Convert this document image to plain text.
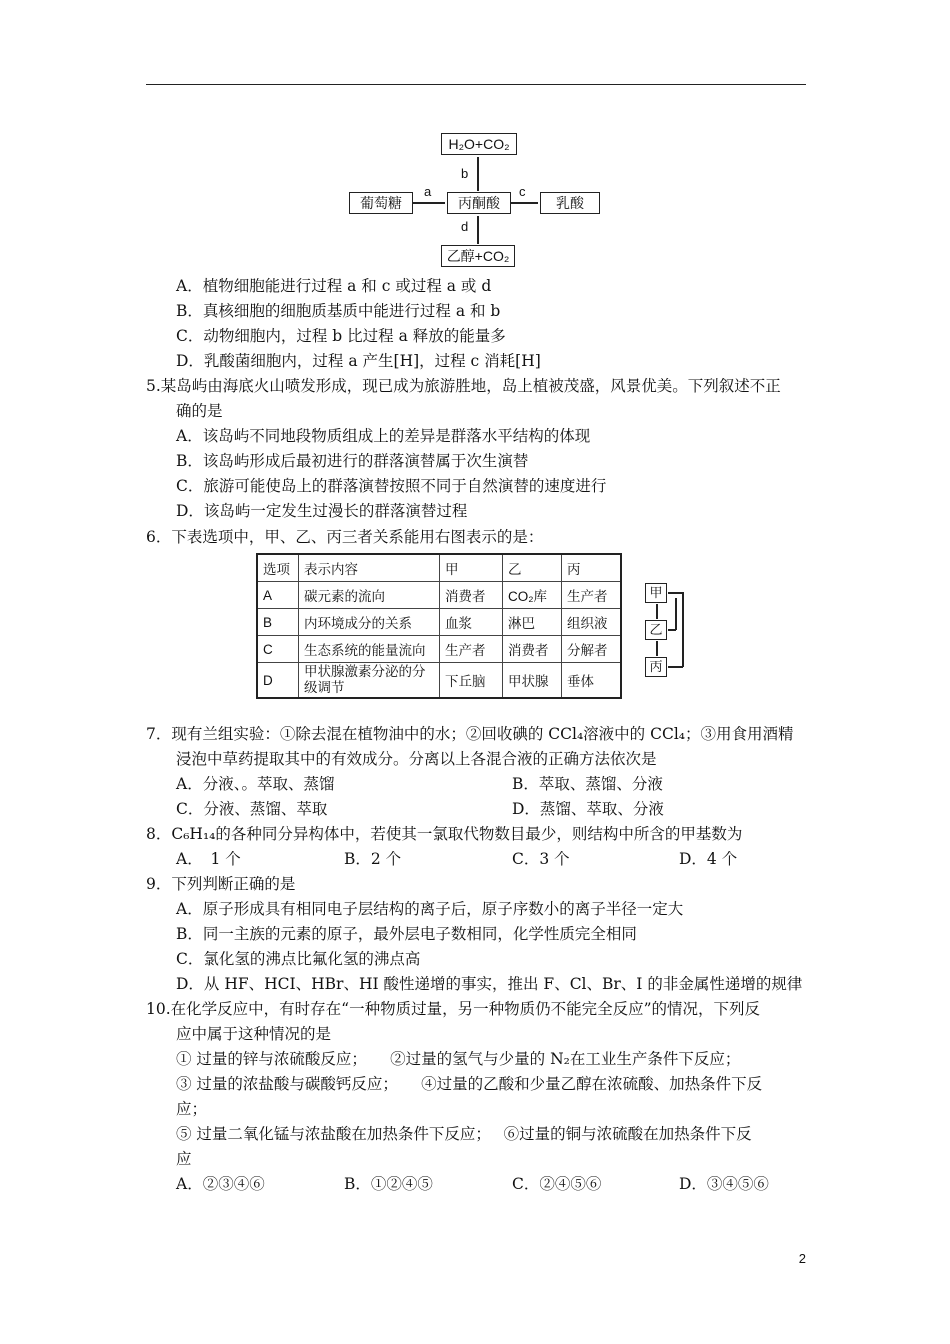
H₂O+CO₂
葡萄糖	丙酮酸	乳酸
乙醇+CO₂
a	c
b
d
A．植物细胞能进行过程 a 和 c 或过程 a 或 d
B．真核细胞的细胞质基质中能进行过程 a 和 b
C．动物细胞内，过程 b 比过程 a 释放的能量多
D．乳酸菌细胞内，过程 a 产生[H]，过程 c 消耗[H]
5.某岛屿由海底火山喷发形成，现已成为旅游胜地，岛上植被茂盛，风景优美。下列叙述不正
确的是
A．该岛屿不同地段物质组成上的差异是群落水平结构的体现
B．该岛屿形成后最初进行的群落演替属于次生演替
C．旅游可能使岛上的群落演替按照不同于自然演替的速度进行
D．该岛屿一定发生过漫长的群落演替过程
6．下表选项中，甲、乙、丙三者关系能用右图表示的是：
选项	表示内容	甲	乙	丙
A	碳元素的流向	消费者	CO₂库	生产者
B	内环境成分的关系	血浆	淋巴	组织液
C	生态系统的能量流向	生产者	消费者	分解者
D	甲状腺激素分泌的分级调节	下丘脑	甲状腺	垂体
甲
乙
丙
7．现有兰组实验：①除去混在植物油中的水；②回收碘的 CCl₄溶液中的 CCl₄；③用食用酒精
浸泡中草药提取其中的有效成分。分离以上各混合液的正确方法依次是
A．分液、。萃取、蒸馏	B．萃取、蒸馏、分液
C．分液、蒸馏、萃取	D．蒸馏、萃取、分液
8．C₆H₁₄的各种同分异构体中，若使其一氯取代物数目最少，则结构中所含的甲基数为
A．　1 个	B．2 个	C．3 个	D．4 个
9．下列判断正确的是
A．原子形成具有相同电子层结构的离子后，原子序数小的离子半径一定大
B．同一主族的元素的原子，最外层电子数相同，化学性质完全相同
C．氯化氢的沸点比氟化氢的沸点高
D．从 HF、HCI、HBr、HI 酸性递增的事实，推出 F、Cl、Br、I 的非金属性递增的规律
10.在化学反应中，有时存在“一种物质过量，另一种物质仍不能完全反应”的情况，下列反
应中属于这种情况的是
① 过量的锌与浓硫酸反应；　　②过量的氢气与少量的 N₂在工业生产条件下反应；
③ 过量的浓盐酸与碳酸钙反应；　　④过量的乙酸和少量乙醇在浓硫酸、加热条件下反
应；
⑤ 过量二氧化锰与浓盐酸在加热条件下反应；　 ⑥过量的铜与浓硫酸在加热条件下反
应
A．②③④⑥	B．①②④⑤	C．②④⑤⑥	D．③④⑤⑥
2
